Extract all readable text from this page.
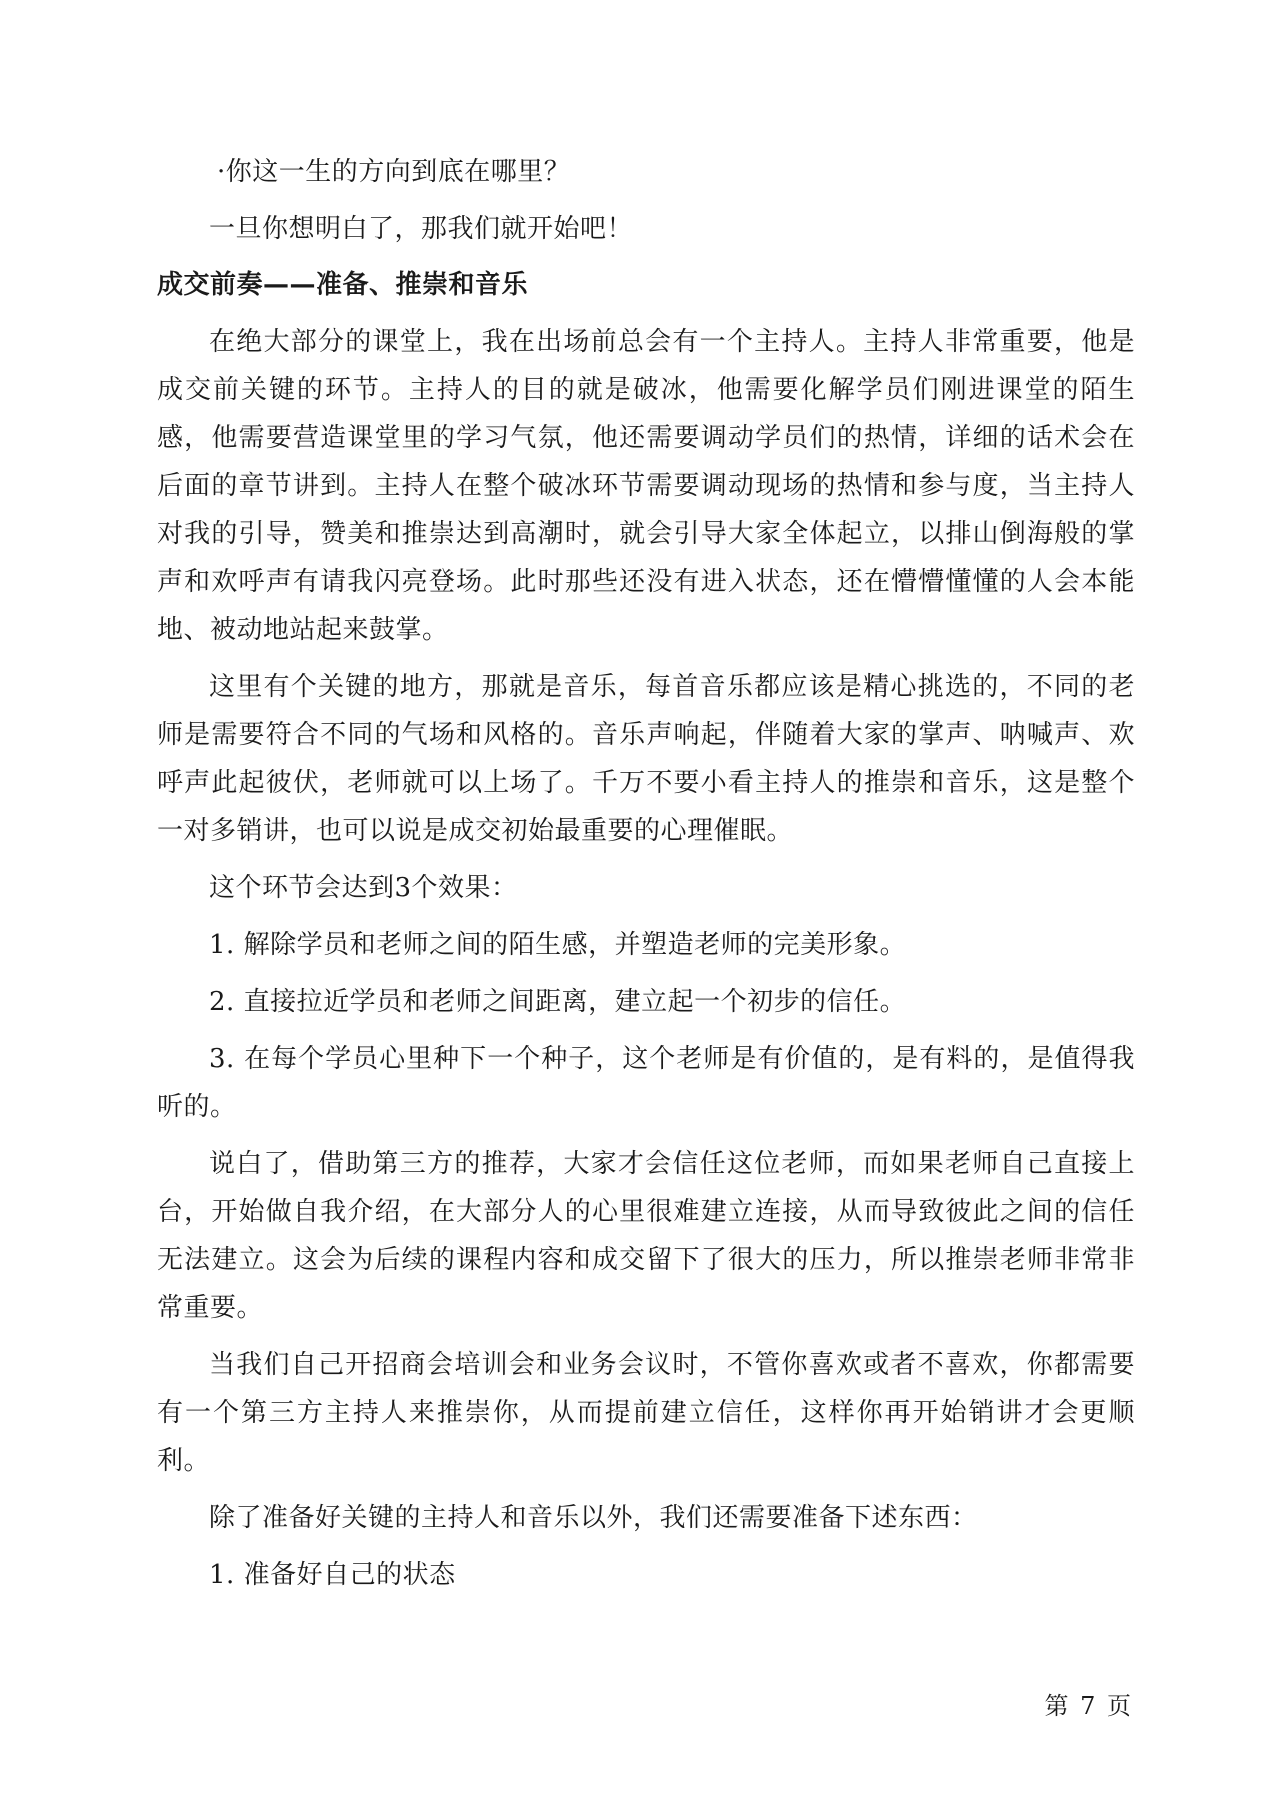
·你这一生的方向到底在哪里？

一旦你想明白了，那我们就开始吧！

成交前奏——准备、推崇和音乐

在绝大部分的课堂上，我在出场前总会有一个主持人。主持人非常重要，他是成交前关键的环节。主持人的目的就是破冰，他需要化解学员们刚进课堂的陌生感，他需要营造课堂里的学习气氛，他还需要调动学员们的热情，详细的话术会在后面的章节讲到。主持人在整个破冰环节需要调动现场的热情和参与度，当主持人对我的引导，赞美和推崇达到高潮时，就会引导大家全体起立，以排山倒海般的掌声和欢呼声有请我闪亮登场。此时那些还没有进入状态，还在懵懵懂懂的人会本能地、被动地站起来鼓掌。

这里有个关键的地方，那就是音乐，每首音乐都应该是精心挑选的，不同的老师是需要符合不同的气场和风格的。音乐声响起，伴随着大家的掌声、呐喊声、欢呼声此起彼伏，老师就可以上场了。千万不要小看主持人的推崇和音乐，这是整个一对多销讲，也可以说是成交初始最重要的心理催眠。

这个环节会达到3个效果：

1. 解除学员和老师之间的陌生感，并塑造老师的完美形象。

2. 直接拉近学员和老师之间距离，建立起一个初步的信任。

3. 在每个学员心里种下一个种子，这个老师是有价值的，是有料的，是值得我听的。

说白了，借助第三方的推荐，大家才会信任这位老师，而如果老师自己直接上台，开始做自我介绍，在大部分人的心里很难建立连接，从而导致彼此之间的信任无法建立。这会为后续的课程内容和成交留下了很大的压力，所以推崇老师非常非常重要。

当我们自己开招商会培训会和业务会议时，不管你喜欢或者不喜欢，你都需要有一个第三方主持人来推崇你，从而提前建立信任，这样你再开始销讲才会更顺利。

除了准备好关键的主持人和音乐以外，我们还需要准备下述东西：

1. 准备好自己的状态

第 7 页
